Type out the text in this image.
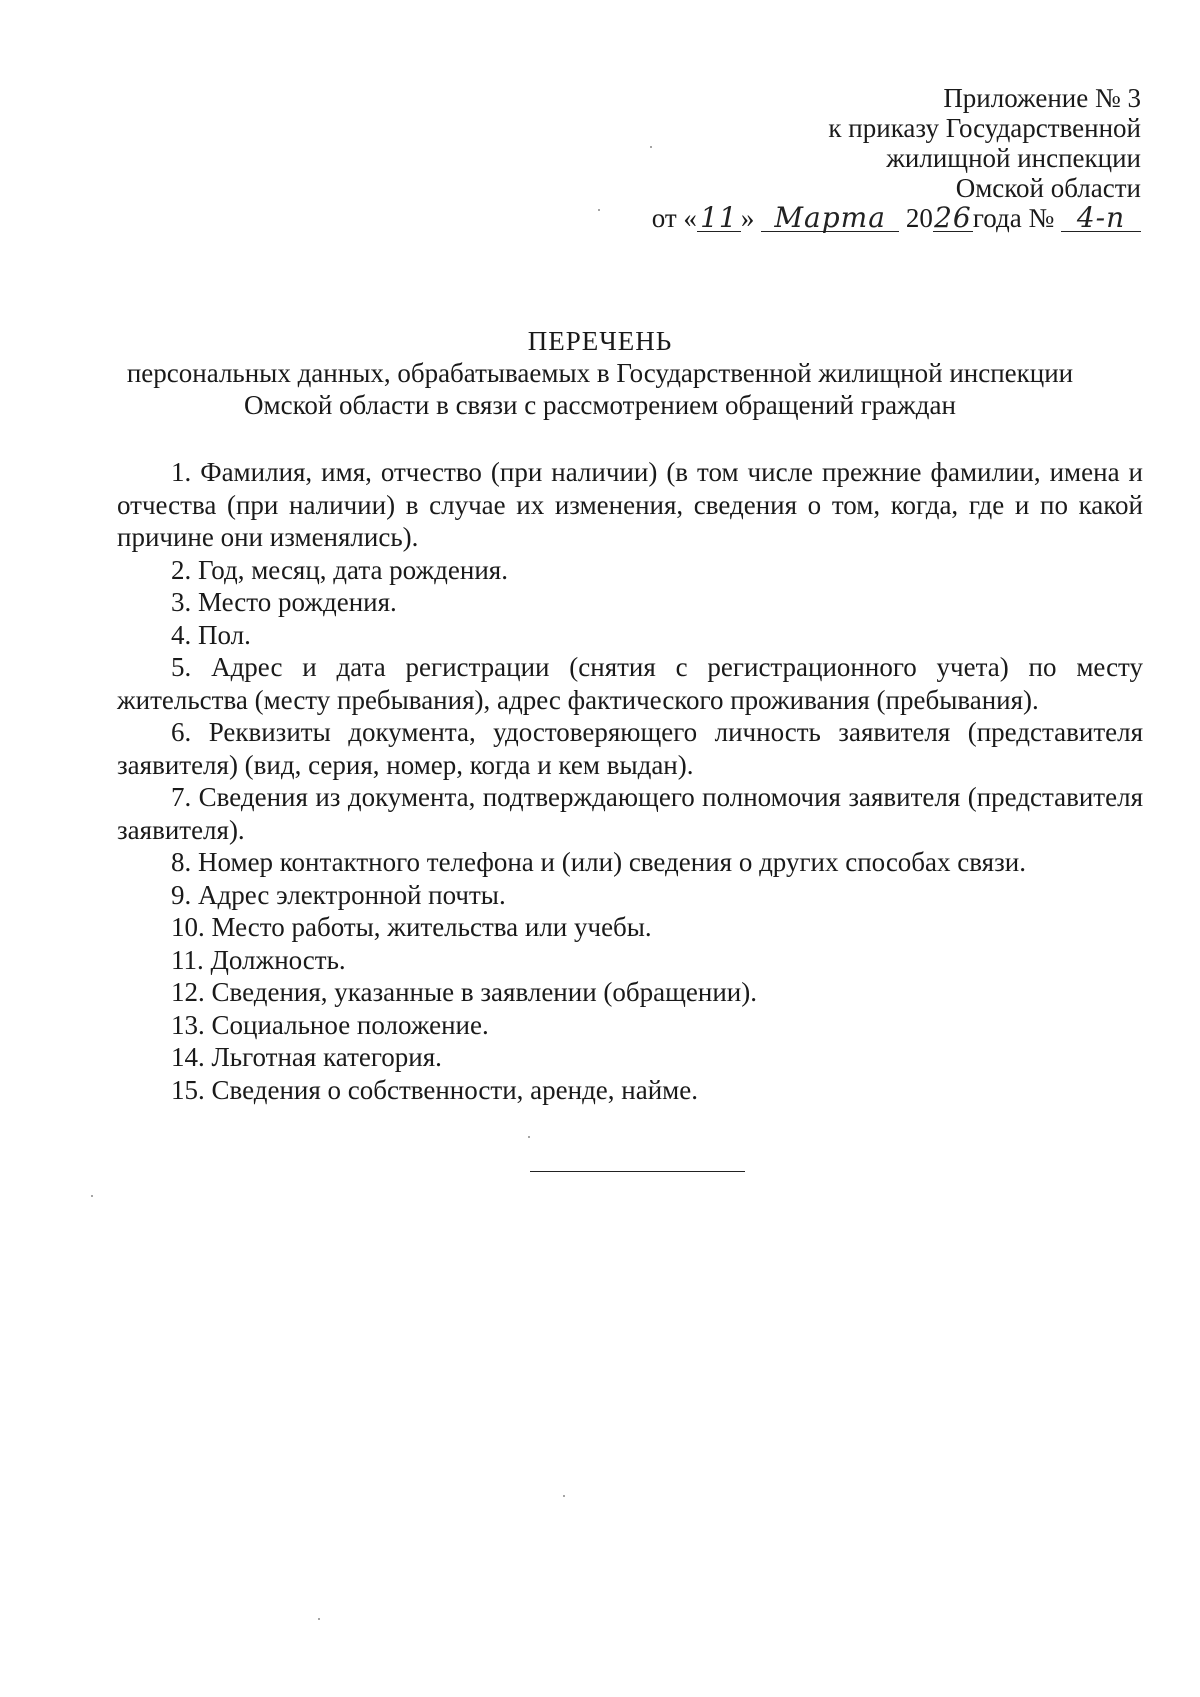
Приложение № 3
к приказу Государственной
жилищной инспекции
Омской области
от « 11 » Марта 2026года № 4-п
ПЕРЕЧЕНЬ
персональных данных, обрабатываемых в Государственной жилищной инспекции
Омской области в связи с рассмотрением обращений граждан

1. Фамилия, имя, отчество (при наличии) (в том числе прежние фамилии, имена и отчества (при наличии) в случае их изменения, сведения о том, когда, где и по какой причине они изменялись).

2. Год, месяц, дата рождения.

3. Место рождения.

4. Пол.

5. Адрес и дата регистрации (снятия с регистрационного учета) по месту жительства (месту пребывания), адрес фактического проживания (пребывания).

6. Реквизиты документа, удостоверяющего личность заявителя (представителя заявителя) (вид, серия, номер, когда и кем выдан).

7. Сведения из документа, подтверждающего полномочия заявителя (представителя заявителя).

8. Номер контактного телефона и (или) сведения о других способах связи.

9. Адрес электронной почты.

10. Место работы, жительства или учебы.

11. Должность.

12. Сведения, указанные в заявлении (обращении).

13. Социальное положение.

14. Льготная категория.

15. Сведения о собственности, аренде, найме.
